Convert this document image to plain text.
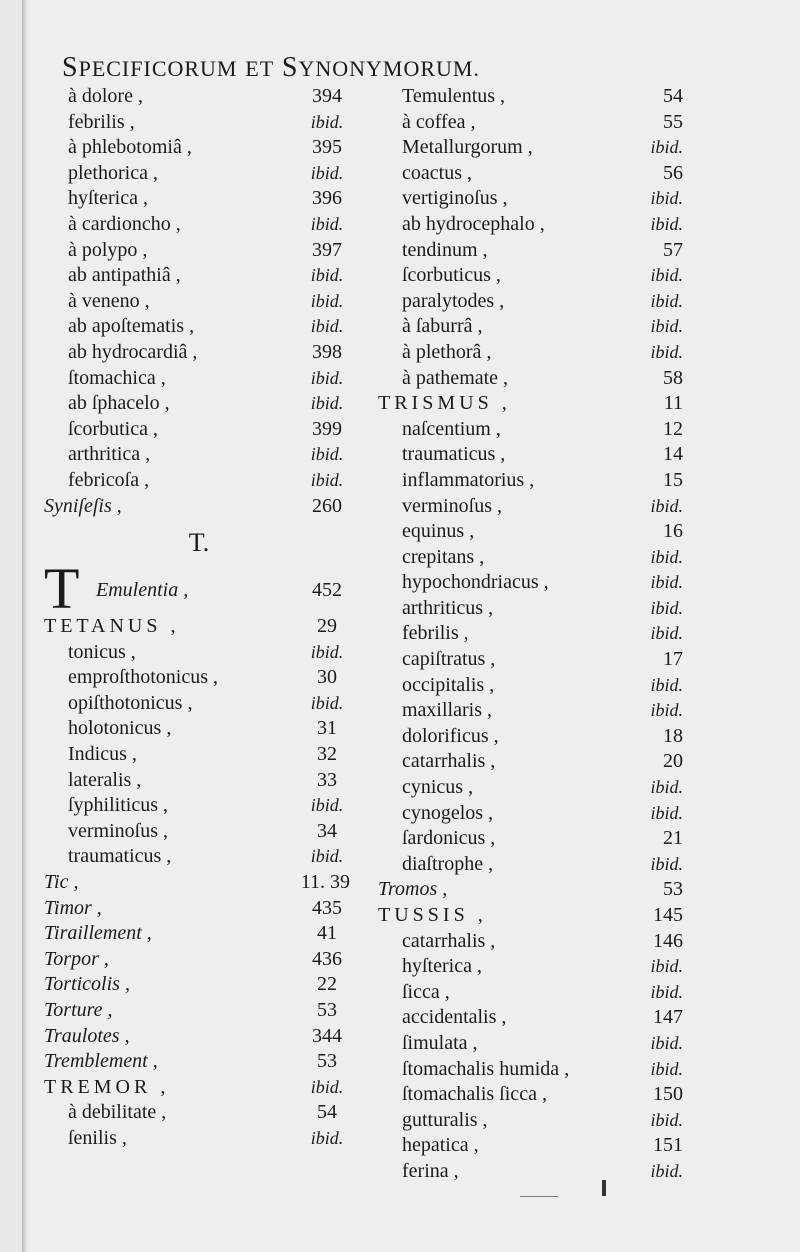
SPECIFICORUM ET SYNONYMORUM.
à dolore ,	394
febrilis ,	ibid.
à phlebotomiâ ,	395
plethorica ,	ibid.
hyſterica ,	396
à cardioncho ,	ibid.
à polypo ,	397
ab antipathiâ ,	ibid.
à veneno ,	ibid.
ab apoſtematis ,	ibid.
ab hydrocardiâ ,	398
ſtomachica ,	ibid.
ab ſphacelo ,	ibid.
ſcorbutica ,	399
arthritica ,	ibid.
febricoſa ,	ibid.
Syniſeſis ,	260
T.
T Emulentia ,	452
TETANUS ,	29
tonicus ,	ibid.
emproſthotonicus ,	30
opiſthotonicus ,	ibid.
holotonicus ,	31
Indicus ,	32
lateralis ,	33
ſyphiliticus ,	ibid.
verminoſus ,	34
traumaticus ,	ibid.
Tic ,	11. 39
Timor ,	435
Tiraillement ,	41
Torpor ,	436
Torticolis ,	22
Torture ,	53
Traulotes ,	344
Tremblement ,	53
TREMOR ,	ibid.
à debilitate ,	54
ſenilis ,	ibid.
Temulentus ,	54
à coffea ,	55
Metallurgorum ,	ibid.
coactus ,	56
vertiginoſus ,	ibid.
ab hydrocephalo ,	ibid.
tendinum ,	57
ſcorbuticus ,	ibid.
paralytodes ,	ibid.
à ſaburrâ ,	ibid.
à plethorâ ,	ibid.
à pathemate ,	58
TRISMUS ,	11
naſcentium ,	12
traumaticus ,	14
inflammatorius ,	15
verminoſus ,	ibid.
equinus ,	16
crepitans ,	ibid.
hypochondriacus ,	ibid.
arthriticus ,	ibid.
febrilis ,	ibid.
capiſtratus ,	17
occipitalis ,	ibid.
maxillaris ,	ibid.
dolorificus ,	18
catarrhalis ,	20
cynicus ,	ibid.
cynogelos ,	ibid.
ſardonicus ,	21
diaſtrophe ,	ibid.
Tromos ,	53
TUSSIS ,	145
catarrhalis ,	146
hyſterica ,	ibid.
ſicca ,	ibid.
accidentalis ,	147
ſimulata ,	ibid.
ſtomachalis humida ,	ibid.
ſtomachalis ſicca ,	150
gutturalis ,	ibid.
hepatica ,	151
ferina ,	ibid.
